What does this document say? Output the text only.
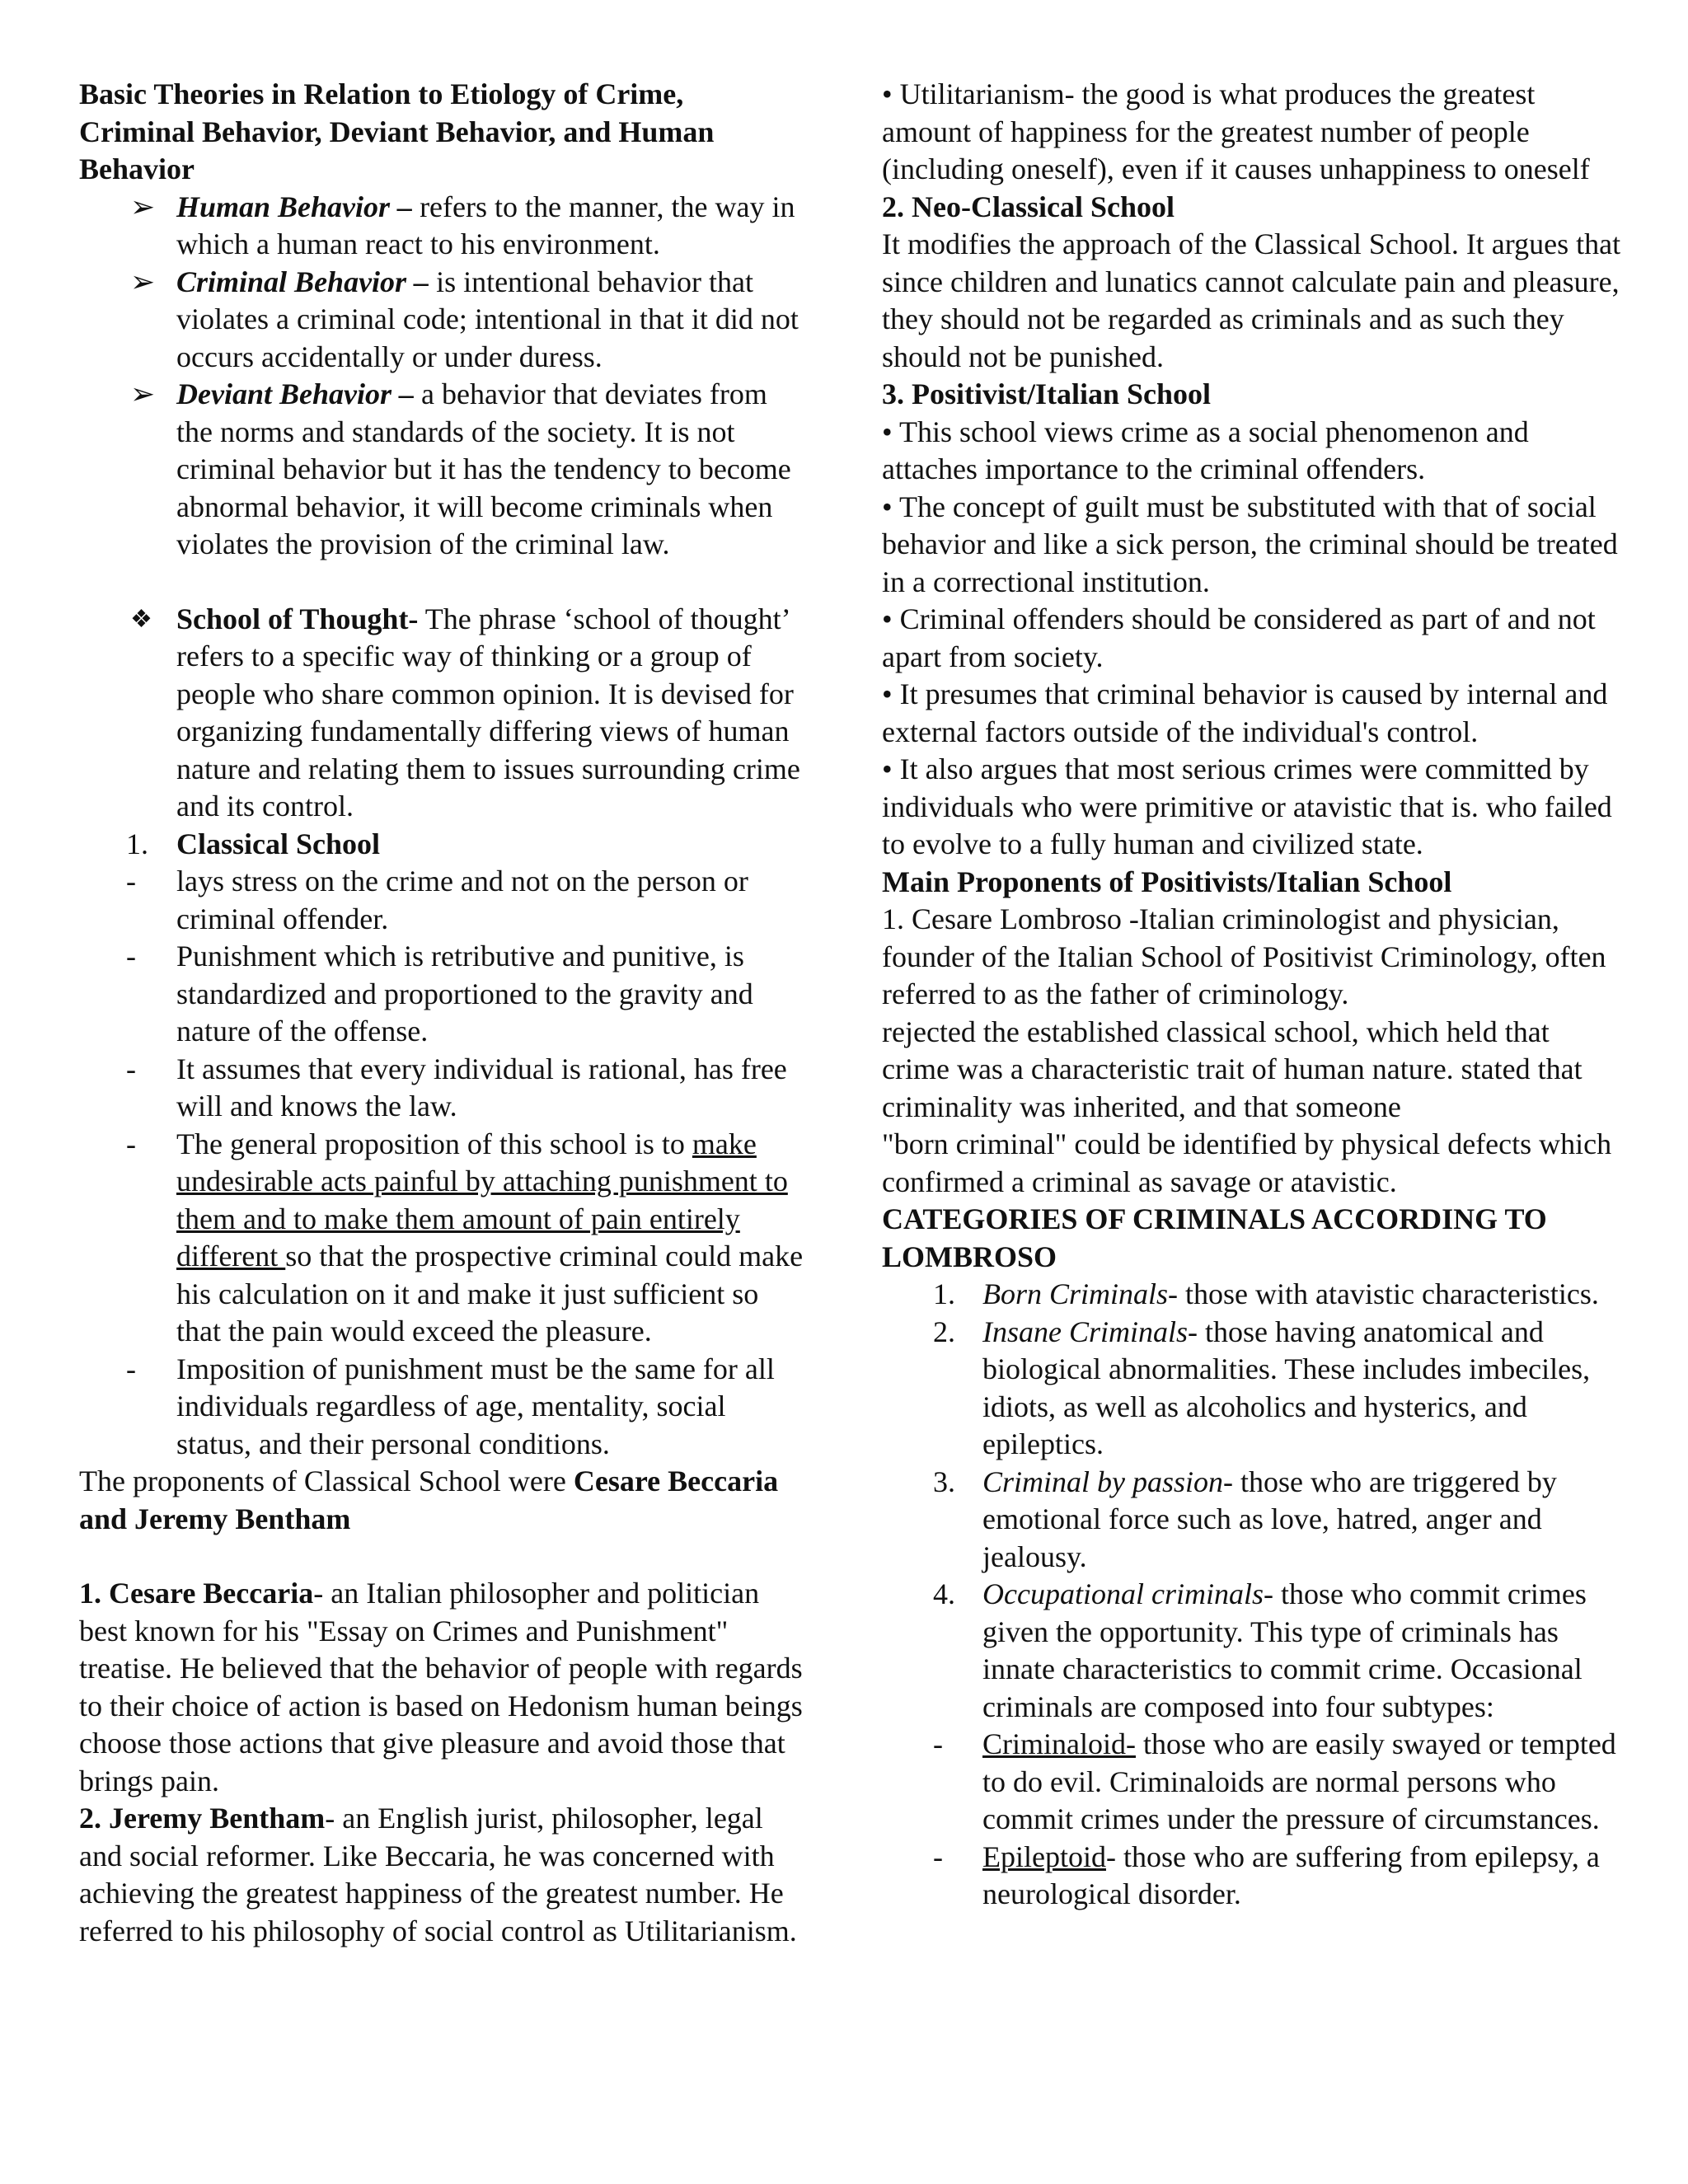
Basic Theories in Relation to Etiology of Crime, Criminal Behavior, Deviant Behavior, and Human Behavior

➢ Human Behavior – refers to the manner, the way in which a human react to his environment.
➢ Criminal Behavior – is intentional behavior that violates a criminal code; intentional in that it did not occurs accidentally or under duress.
➢ Deviant Behavior – a behavior that deviates from the norms and standards of the society. It is not criminal behavior but it has the tendency to become abnormal behavior, it will become criminals when violates the provision of the criminal law.
❖ School of Thought- The phrase ‘school of thought’ refers to a specific way of thinking or a group of people who share common opinion. It is devised for organizing fundamentally differing views of human nature and relating them to issues surrounding crime and its control.
1. Classical School
- lays stress on the crime and not on the person or criminal offender.
- Punishment which is retributive and punitive, is standardized and proportioned to the gravity and nature of the offense.
- It assumes that every individual is rational, has free will and knows the law.
- The general proposition of this school is to make undesirable acts painful by attaching punishment to them and to make them amount of pain entirely different so that the prospective criminal could make his calculation on it and make it just sufficient so that the pain would exceed the pleasure.
- Imposition of punishment must be the same for all individuals regardless of age, mentality, social status, and their personal conditions.

The proponents of Classical School were Cesare Beccaria and Jeremy Bentham

1. Cesare Beccaria- an Italian philosopher and politician best known for his "Essay on Crimes and Punishment" treatise. He believed that the behavior of people with regards to their choice of action is based on Hedonism human beings choose those actions that give pleasure and avoid those that brings pain.

2. Jeremy Bentham- an English jurist, philosopher, legal and social reformer. Like Beccaria, he was concerned with achieving the greatest happiness of the greatest number. He referred to his philosophy of social control as Utilitarianism.

• Utilitarianism- the good is what produces the greatest amount of happiness for the greatest number of people (including oneself), even if it causes unhappiness to oneself

2. Neo-Classical School

It modifies the approach of the Classical School. It argues that since children and lunatics cannot calculate pain and pleasure, they should not be regarded as criminals and as such they should not be punished.

3. Positivist/Italian School

• This school views crime as a social phenomenon and attaches importance to the criminal offenders.

• The concept of guilt must be substituted with that of social behavior and like a sick person, the criminal should be treated in a correctional institution.

• Criminal offenders should be considered as part of and not apart from society.

• It presumes that criminal behavior is caused by internal and external factors outside of the individual's control.

• It also argues that most serious crimes were committed by individuals who were primitive or atavistic that is. who failed to evolve to a fully human and civilized state.

Main Proponents of Positivists/Italian School

1. Cesare Lombroso -Italian criminologist and physician, founder of the Italian School of Positivist Criminology, often referred to as the father of criminology.

rejected the established classical school, which held that crime was a characteristic trait of human nature. stated that criminality was inherited, and that someone

"born criminal" could be identified by physical defects which confirmed a criminal as savage or atavistic.

CATEGORIES OF CRIMINALS ACCORDING TO LOMBROSO

1. Born Criminals- those with atavistic characteristics.
2. Insane Criminals- those having anatomical and biological abnormalities. These includes imbeciles, idiots, as well as alcoholics and hysterics, and epileptics.
3. Criminal by passion- those who are triggered by emotional force such as love, hatred, anger and jealousy.
4. Occupational criminals- those who commit crimes given the opportunity. This type of criminals has innate characteristics to commit crime. Occasional criminals are composed into four subtypes:
- Criminaloid- those who are easily swayed or tempted to do evil. Criminaloids are normal persons who commit crimes under the pressure of circumstances.
- Epileptoid- those who are suffering from epilepsy, a neurological disorder.
